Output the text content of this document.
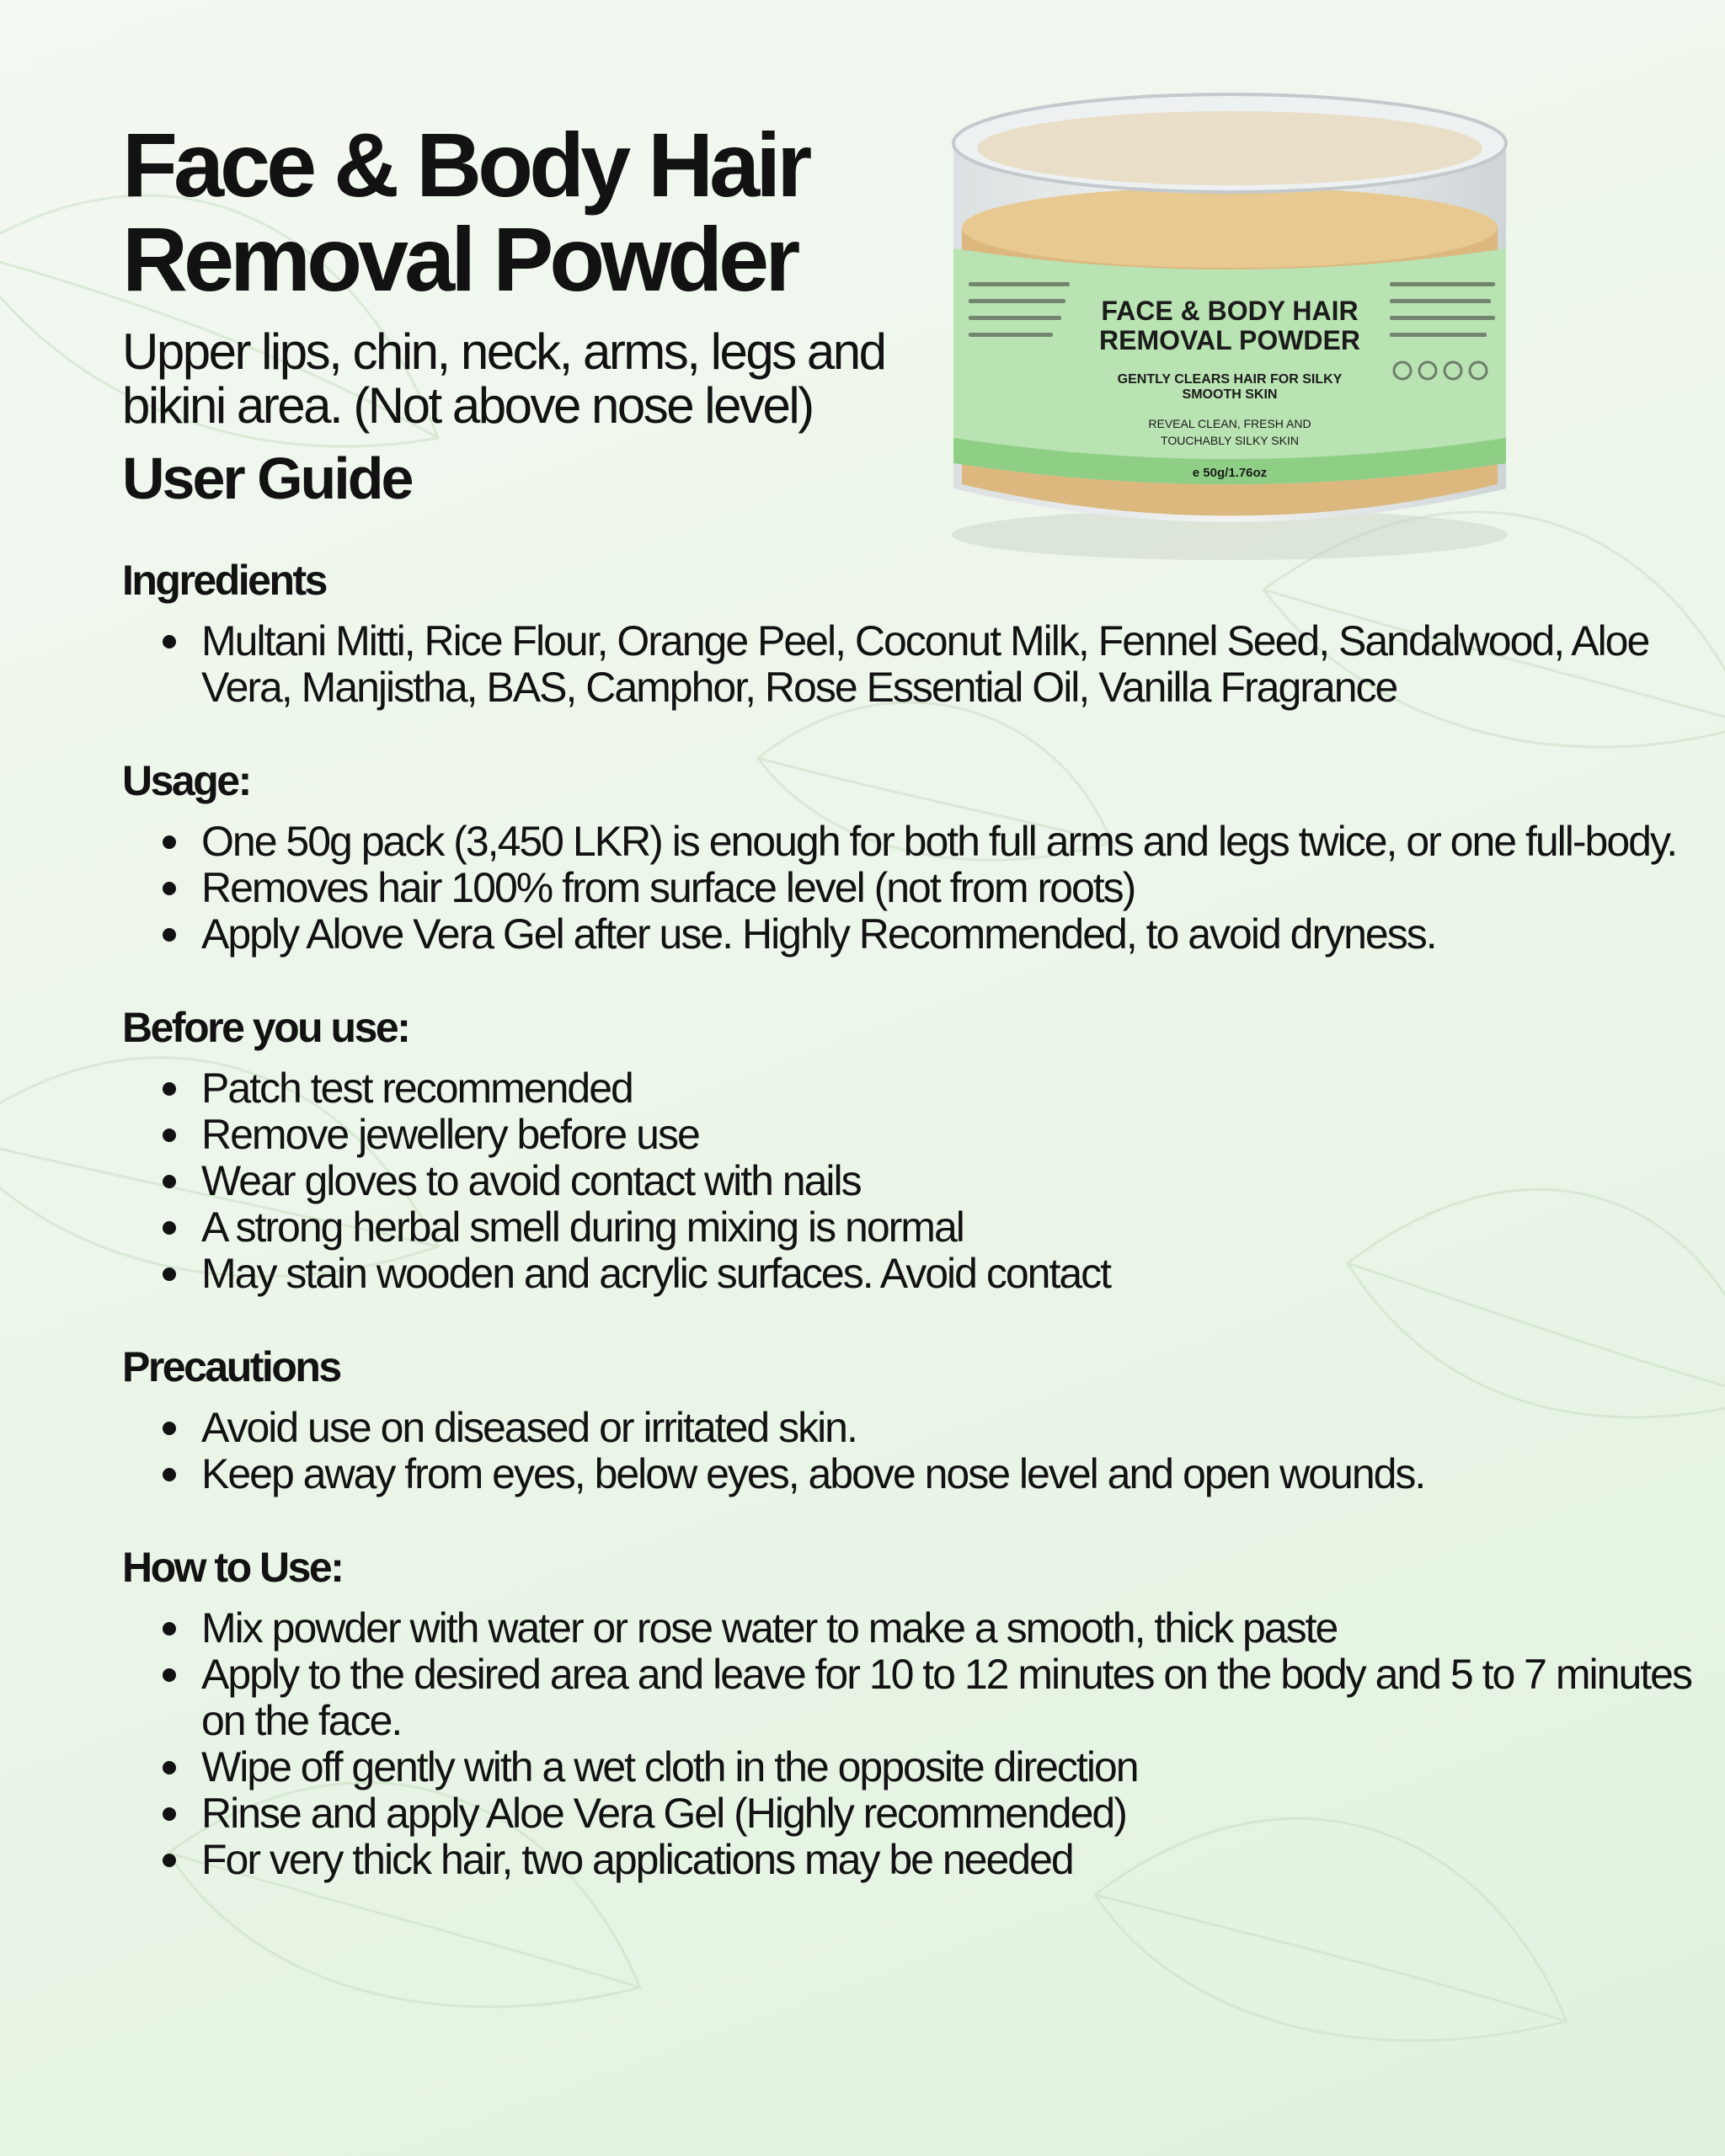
FACE & BODY HAIR
REMOVAL POWDER
GENTLY CLEARS HAIR FOR SILKY
SMOOTH SKIN
REVEAL CLEAN, FRESH AND
TOUCHABLY SILKY SKIN
e 50g/1.76oz
Face & Body Hair
Removal Powder
Upper lips, chin, neck, arms, legs and
bikini area. (Not above nose level)
User Guide
Ingredients
Multani Mitti, Rice Flour, Orange Peel, Coconut Milk, Fennel Seed, Sandalwood, Aloe Vera, Manjistha, BAS, Camphor, Rose Essential Oil, Vanilla Fragrance
Usage:
One 50g pack (3,450 LKR) is enough for both full arms and legs twice, or one full-body.
Removes hair 100% from surface level (not from roots)
Apply Alove Vera Gel after use. Highly Recommended, to avoid dryness.
Before you use:
Patch test recommended
Remove jewellery before use
Wear gloves to avoid contact with nails
A strong herbal smell during mixing is normal
May stain wooden and acrylic surfaces. Avoid contact
Precautions
Avoid use on diseased or irritated skin.
Keep away from eyes, below eyes, above nose level and open wounds.
How to Use:
Mix powder with water or rose water to make a smooth, thick paste
Apply to the desired area and leave for 10 to 12 minutes on the body and 5 to 7 minutes on the face.
Wipe off gently with a wet cloth in the opposite direction
Rinse and apply Aloe Vera Gel (Highly recommended)
For very thick hair, two applications may be needed
